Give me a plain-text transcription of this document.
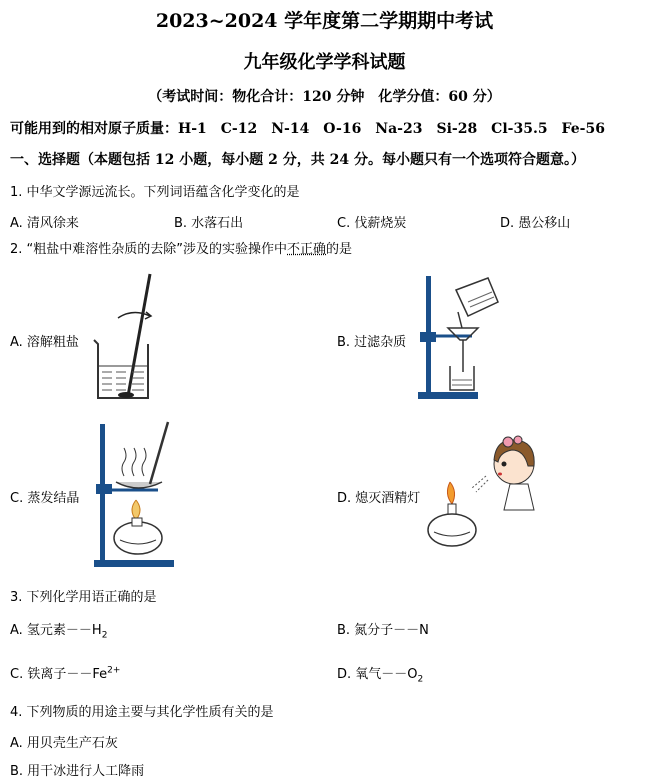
2023~2024 学年度第二学期期中考试
九年级化学学科试题
（考试时间：物化合计：120 分钟　化学分值：60 分）
可能用到的相对原子质量：H-1　C-12　N-14　O-16　Na-23　Si-28　Cl-35.5　Fe-56
一、选择题（本题包括 12 小题，每小题 2 分，共 24 分。每小题只有一个选项符合题意。）
1. 中华文学源远流长。下列词语蕴含化学变化的是
A. 清风徐来	B. 水落石出	C. 伐薪烧炭	D. 愚公移山
2. “粗盐中难溶性杂质的去除”涉及的实验操作中不正确的是
A. 溶解粗盐	B. 过滤杂质
C. 蒸发结晶	D. 熄灭酒精灯
3. 下列化学用语正确的是
A. 氢元素$--H_2$	B. 氮分子－－N
C. 铁离子$--Fe^{2+}$	D. 氧气$--O_2$
4. 下列物质的用途主要与其化学性质有关的是
A. 用贝壳生产石灰
B. 用干冰进行人工降雨
